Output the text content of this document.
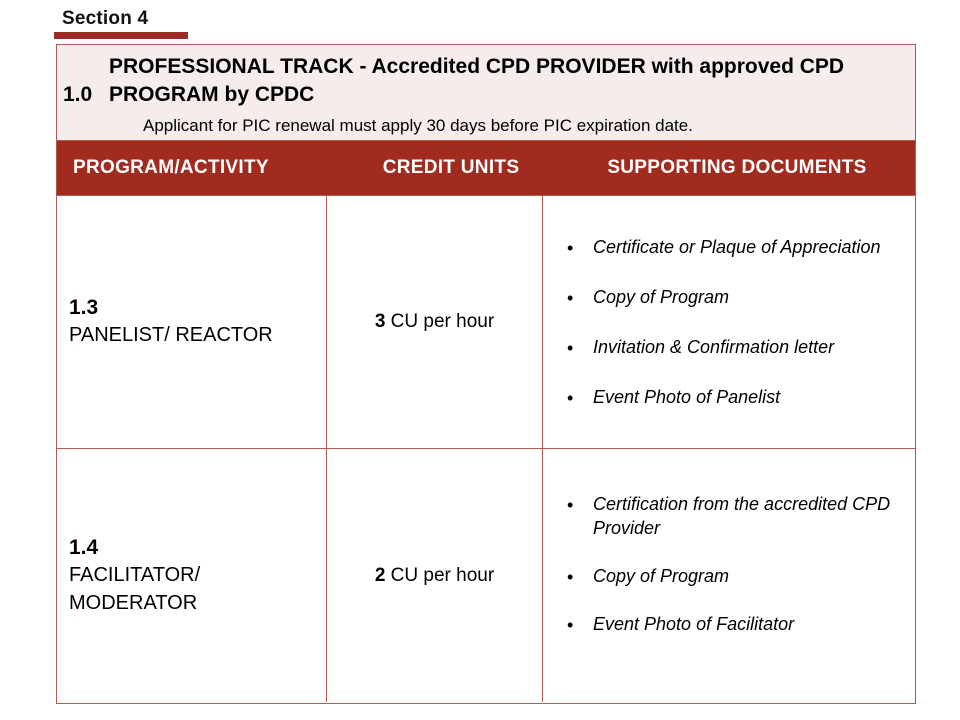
Section 4
1.0
PROFESSIONAL TRACK - Accredited CPD PROVIDER with approved CPD PROGRAM by CPDC
Applicant for PIC renewal must apply 30 days before PIC expiration date.
PROGRAM/ACTIVITY	CREDIT UNITS	SUPPORTING DOCUMENTS
1.3
PANELIST/ REACTOR
3 CU per hour
• Certificate or Plaque of Appreciation
• Copy of Program
• Invitation & Confirmation letter
• Event Photo of Panelist
1.4
FACILITATOR/ MODERATOR
2 CU per hour
• Certification from the accredited CPD Provider
• Copy of Program
• Event Photo of Facilitator
